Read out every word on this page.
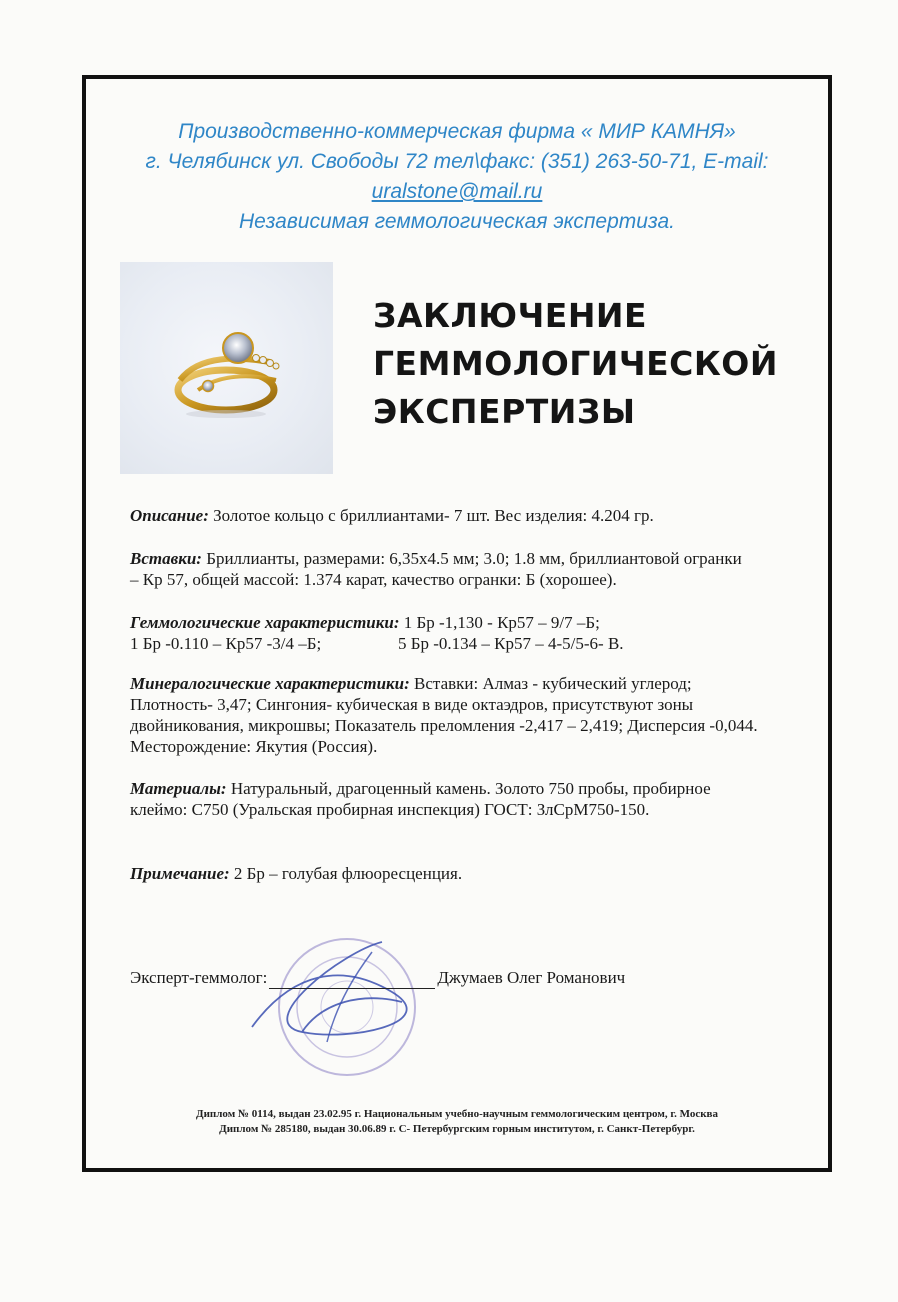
Производственно-коммерческая фирма « МИР КАМНЯ»
г. Челябинск ул. Свободы 72 тел\факс: (351) 263-50-71, E-mail:
uralstone@mail.ru
Независимая геммологическая экспертиза.
ЗАКЛЮЧЕНИЕ
ГЕММОЛОГИЧЕСКОЙ
ЭКСПЕРТИЗЫ
Описание: Золотое кольцо с бриллиантами- 7 шт. Вес изделия: 4.204 гр.
Вставки: Бриллианты, размерами: 6,35х4.5 мм; 3.0; 1.8 мм, бриллиантовой огранки
– Кр 57, общей массой: 1.374 карат, качество огранки: Б (хорошее).
Геммологические характеристики: 1 Бр -1,130 - Кр57 – 9/7 –Б;
1 Бр -0.110 – Кр57 -3/4 –Б;	5 Бр -0.134 – Кр57 – 4-5/5-6- В.
Минералогические характеристики: Вставки: Алмаз - кубический углерод;
Плотность- 3,47; Сингония- кубическая в виде октаэдров, присутствуют зоны
двойникования, микрошвы; Показатель преломления -2,417 – 2,419; Дисперсия -0,044.
Месторождение: Якутия (Россия).
Материалы: Натуральный, драгоценный камень. Золото 750 пробы, пробирное
клеймо: С750 (Уральская пробирная инспекция) ГОСТ: ЗлСрМ750-150.
Примечание: 2 Бр – голубая флюоресценция.
Эксперт-геммолог:	Джумаев Олег Романович
Диплом № 0114, выдан 23.02.95 г. Национальным учебно-научным геммологическим центром, г. Москва
Диплом № 285180, выдан 30.06.89 г. С- Петербургским горным институтом, г. Санкт-Петербург.
